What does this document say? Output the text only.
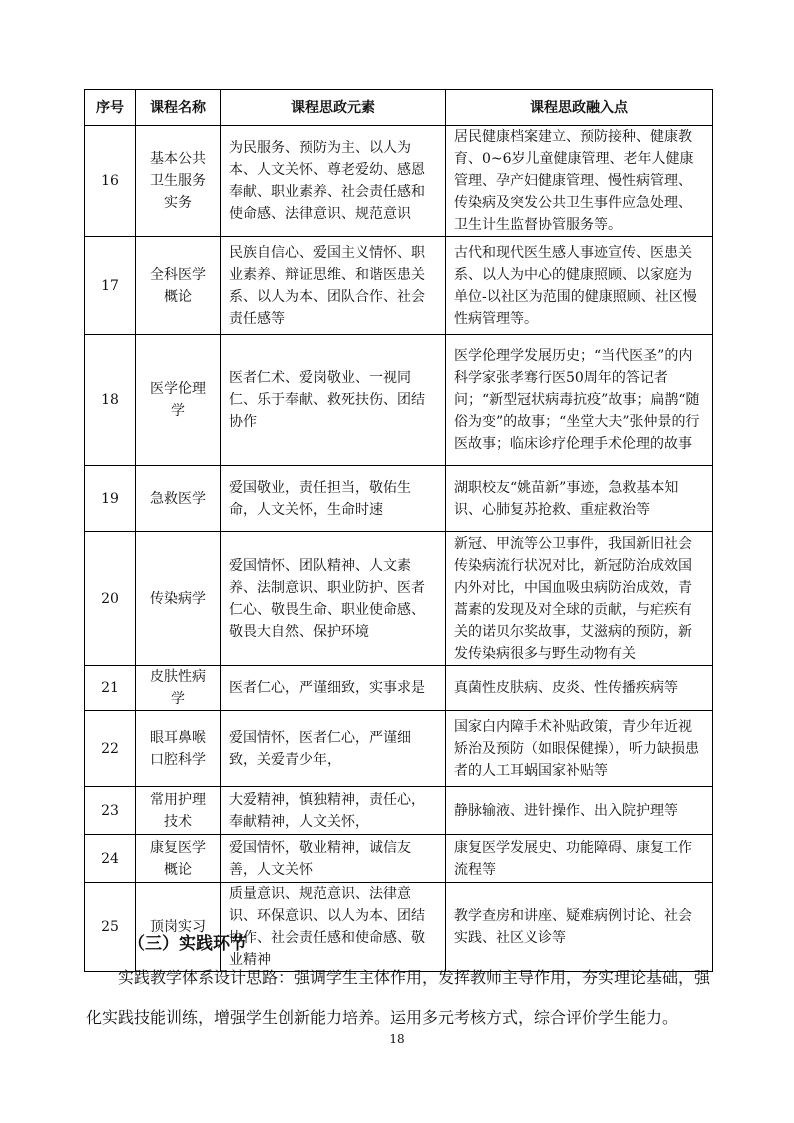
序号	课程名称	课程思政元素	课程思政融入点
16	基本公共卫生服务实务	为民服务、预防为主、以人为本、人文关怀、尊老爱幼、感恩奉献、职业素养、社会责任感和使命感、法律意识、规范意识	居民健康档案建立、预防接种、健康教育、0~6岁儿童健康管理、老年人健康管理、孕产妇健康管理、慢性病管理、传染病及突发公共卫生事件应急处理、卫生计生监督协管服务等。
17	全科医学概论	民族自信心、爱国主义情怀、职业素养、辩证思维、和谐医患关系、以人为本、团队合作、社会责任感等	古代和现代医生感人事迹宣传、医患关系、以人为中心的健康照顾、以家庭为单位-以社区为范围的健康照顾、社区慢性病管理等。
18	医学伦理学	医者仁术、爱岗敬业、一视同仁、乐于奉献、救死扶伤、团结协作	医学伦理学发展历史；“当代医圣”的内科学家张孝骞行医50周年的答记者问；“新型冠状病毒抗疫”故事；扁鹊“随俗为变”的故事；“坐堂大夫”张仲景的行医故事；临床诊疗伦理手术伦理的故事
19	急救医学	爱国敬业，责任担当，敬佑生命，人文关怀，生命时速	湖职校友“姚苗新”事迹，急救基本知识、心肺复苏抢救、重症救治等
20	传染病学	爱国情怀、团队精神、人文素养、法制意识、职业防护、医者仁心、敬畏生命、职业使命感、敬畏大自然、保护环境	新冠、甲流等公卫事件，我国新旧社会传染病流行状况对比，新冠防治成效国内外对比，中国血吸虫病防治成效，青蒿素的发现及对全球的贡献，与疟疾有关的诺贝尔奖故事，艾滋病的预防，新发传染病很多与野生动物有关
21	皮肤性病学	医者仁心，严谨细致，实事求是	真菌性皮肤病、皮炎、性传播疾病等
22	眼耳鼻喉口腔科学	爱国情怀，医者仁心，严谨细致，关爱青少年，	国家白内障手术补贴政策，青少年近视矫治及预防（如眼保健操），听力缺损患者的人工耳蜗国家补贴等
23	常用护理技术	大爱精神，慎独精神，责任心，奉献精神，人文关怀，	静脉输液、进针操作、出入院护理等
24	康复医学概论	爱国情怀，敬业精神，诚信友善，人文关怀	康复医学发展史、功能障碍、康复工作流程等
25	顶岗实习	质量意识、规范意识、法律意识、环保意识、以人为本、团结协作、社会责任感和使命感、敬业精神	教学查房和讲座、疑难病例讨论、社会实践、社区义诊等
（三）实践环节
实践教学体系设计思路：强调学生主体作用，发挥教师主导作用，夯实理论基础，强化实践技能训练，增强学生创新能力培养。运用多元考核方式，综合评价学生能力。
18
